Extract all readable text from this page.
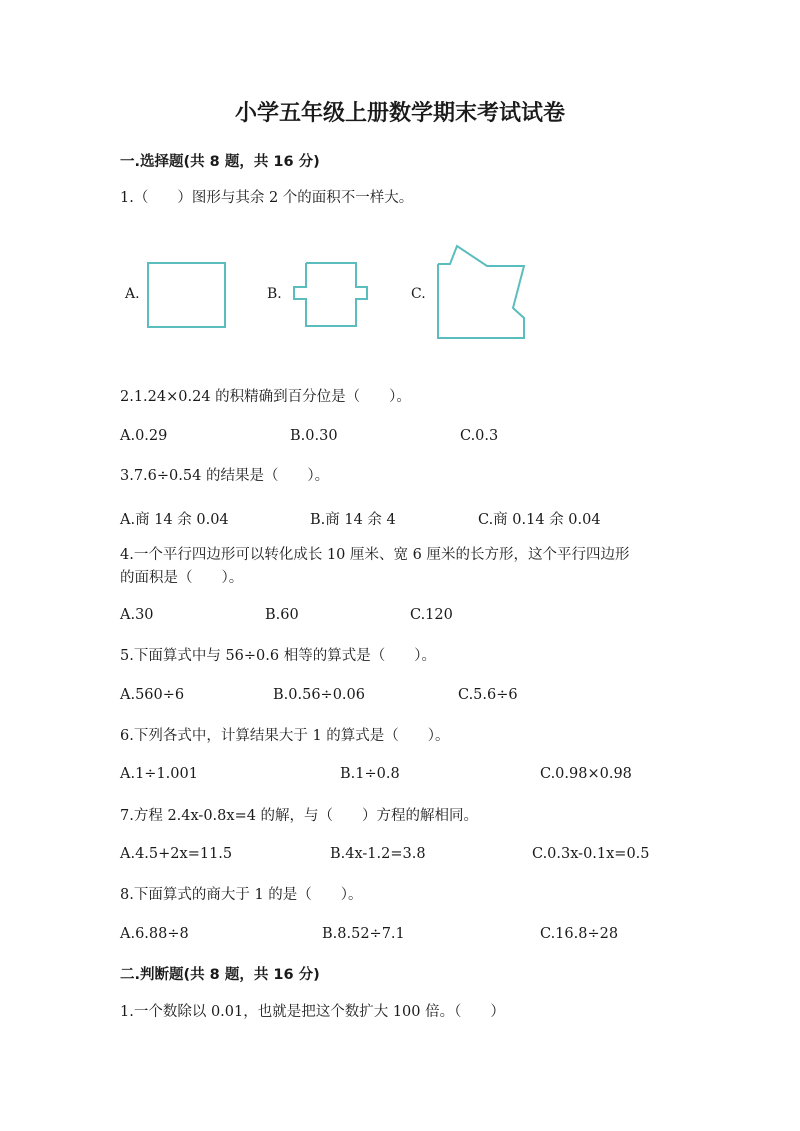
小学五年级上册数学期末考试试卷
一.选择题(共 8 题，共 16 分)
1.（　　）图形与其余 2 个的面积不一样大。
A.	B.	C.
2.1.24×0.24 的积精确到百分位是（　　）。
A.0.29	B.0.30	C.0.3
3.7.6÷0.54 的结果是（　　）。
A.商 14 余 0.04	B.商 14 余 4	C.商 0.14 余 0.04
4.一个平行四边形可以转化成长 10 厘米、宽 6 厘米的长方形，这个平行四边形
的面积是（　　）。
A.30	B.60	C.120
5.下面算式中与 56÷0.6 相等的算式是（　　）。
A.560÷6	B.0.56÷0.06	C.5.6÷6
6.下列各式中，计算结果大于 1 的算式是（　　）。
A.1÷1.001	B.1÷0.8	C.0.98×0.98
7.方程 2.4x-0.8x=4 的解，与（　　）方程的解相同。
A.4.5+2x=11.5	B.4x-1.2=3.8	C.0.3x-0.1x=0.5
8.下面算式的商大于 1 的是（　　）。
A.6.88÷8	B.8.52÷7.1	C.16.8÷28
二.判断题(共 8 题，共 16 分)
1.一个数除以 0.01，也就是把这个数扩大 100 倍。（　　）
